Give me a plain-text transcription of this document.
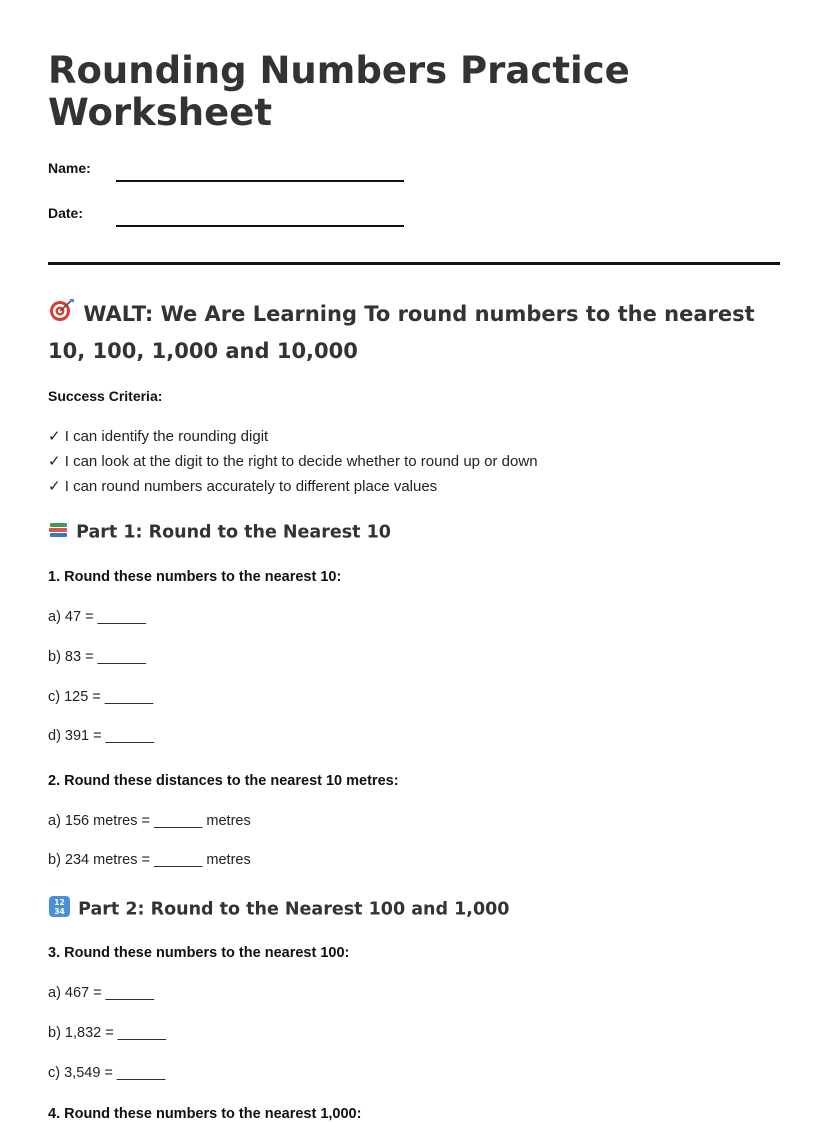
Rounding Numbers Practice Worksheet
Name:
Date:
WALT: We Are Learning To round numbers to the nearest 10, 100, 1,000 and 10,000
Success Criteria:
✓ I can identify the rounding digit
✓ I can look at the digit to the right to decide whether to round up or down
✓ I can round numbers accurately to different place values
Part 1: Round to the Nearest 10
1. Round these numbers to the nearest 10:
a) 47 = ______
b) 83 = ______
c) 125 = ______
d) 391 = ______
2. Round these distances to the nearest 10 metres:
a) 156 metres = ______ metres
b) 234 metres = ______ metres
12
34 Part 2: Round to the Nearest 100 and 1,000
3. Round these numbers to the nearest 100:
a) 467 = ______
b) 1,832 = ______
c) 3,549 = ______
4. Round these numbers to the nearest 1,000:
